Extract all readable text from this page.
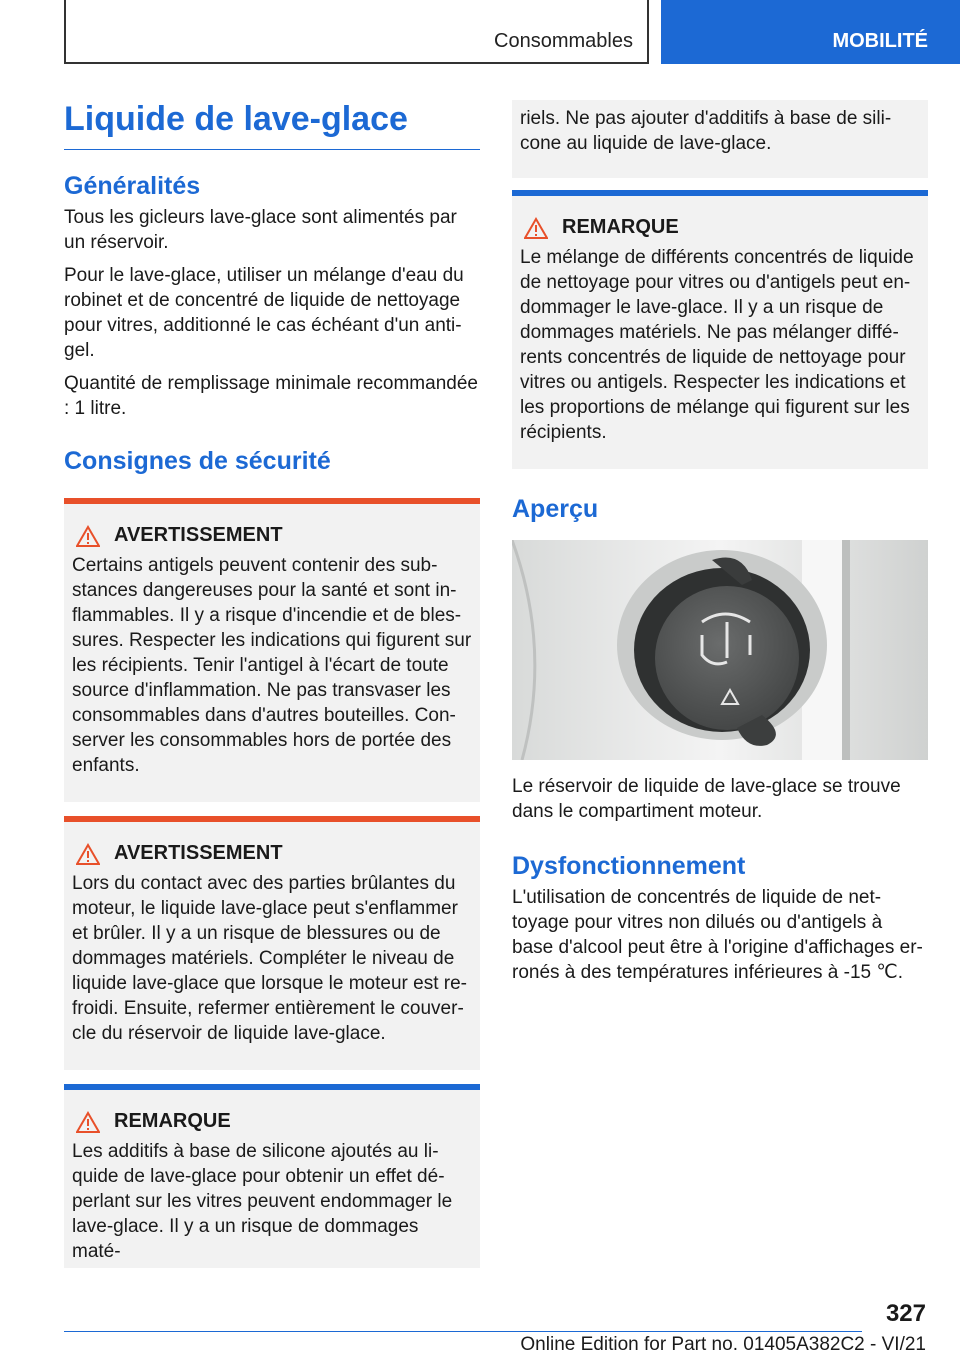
Consommables	MOBILITÉ
Liquide de lave-glace
Généralités

Tous les gicleurs lave-glace sont alimentés par un réservoir.

Pour le lave-glace, utiliser un mélange d'eau du robinet et de concentré de liquide de nettoyage pour vitres, additionné le cas échéant d'un antigel.

Quantité de remplissage minimale recommandée : 1 litre.

Consignes de sécurité
AVERTISSEMENT

Certains antigels peuvent contenir des substances dangereuses pour la santé et sont inflammables. Il y a risque d'incendie et de blessures. Respecter les indications qui figurent sur les récipients. Tenir l'antigel à l'écart de toute source d'inflammation. Ne pas transvaser les consommables dans d'autres bouteilles. Conserver les consommables hors de portée des enfants.

AVERTISSEMENT

Lors du contact avec des parties brûlantes du moteur, le liquide lave-glace peut s'enflammer et brûler. Il y a un risque de blessures ou de dommages matériels. Compléter le niveau de liquide lave-glace que lorsque le moteur est refroidi. Ensuite, refermer entièrement le couvercle du réservoir de liquide lave-glace.

REMARQUE

Les additifs à base de silicone ajoutés au liquide de lave-glace pour obtenir un effet déperlant sur les vitres peuvent endommager le lave-glace. Il y a un risque de dommages maté-

riels. Ne pas ajouter d'additifs à base de silicone au liquide de lave-glace.

REMARQUE

Le mélange de différents concentrés de liquide de nettoyage pour vitres ou d'antigels peut endommager le lave-glace. Il y a un risque de dommages matériels. Ne pas mélanger différents concentrés de liquide de nettoyage pour vitres ou antigels. Respecter les indications et les proportions de mélange qui figurent sur les récipients.

Aperçu

Le réservoir de liquide de lave-glace se trouve dans le compartiment moteur.

Dysfonctionnement

L'utilisation de concentrés de liquide de nettoyage pour vitres non dilués ou d'antigels à base d'alcool peut être à l'origine d'affichages erronés à des températures inférieures à -15 ℃.

327
Online Edition for Part no. 01405A382C2 - VI/21
